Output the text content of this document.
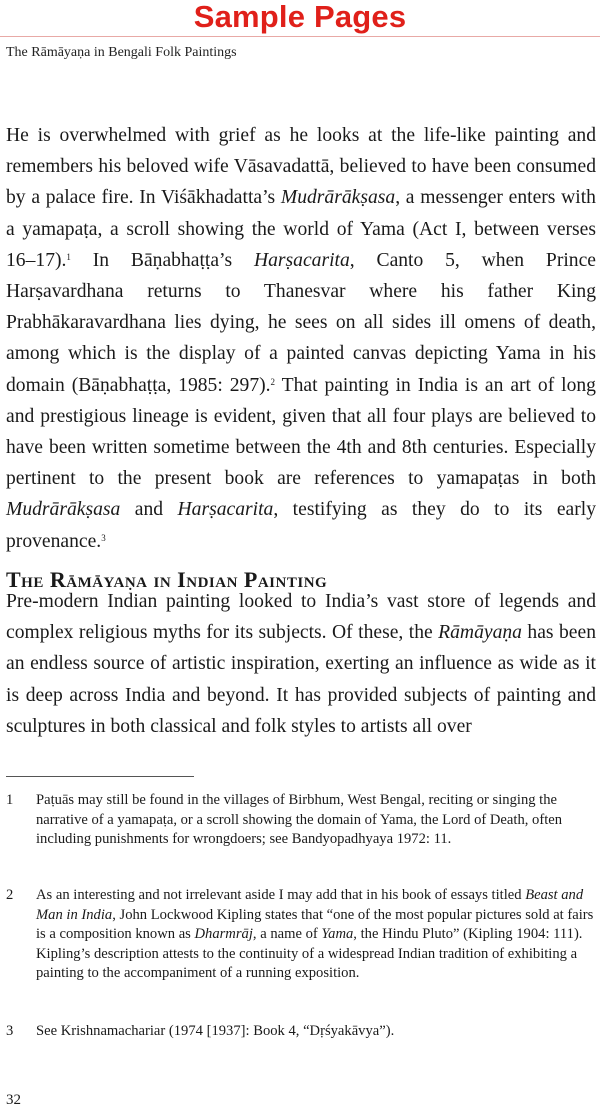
Sample Pages
The Rāmāyaṇa in Bengali Folk Paintings

He is overwhelmed with grief as he looks at the life-like painting and remembers his beloved wife Vāsavadattā, believed to have been consumed by a palace fire. In Viśākhadatta’s Mudrārākṣasa, a messenger enters with a yamapaṭa, a scroll showing the world of Yama (Act I, between verses 16–17).$^1$ In Bāṇabhaṭṭa’s Harṣacarita, Canto 5, when Prince Harṣavardhana returns to Thanesvar where his father King Prabhākaravardhana lies dying, he sees on all sides ill omens of death, among which is the display of a painted canvas depicting Yama in his domain (Bāṇabhaṭṭa, 1985: 297).$^2$ That painting in India is an art of long and prestigious lineage is evident, given that all four plays are believed to have been written sometime between the 4th and 8th centuries. Especially pertinent to the present book are references to yamapaṭas in both Mudrārākṣasa and Harṣacarita, testifying as they do to its early provenance.$^3$

The Rāmāyaṇa in Indian Painting

Pre-modern Indian painting looked to India’s vast store of legends and complex religious myths for its subjects. Of these, the Rāmāyaṇa has been an endless source of artistic inspiration, exerting an influence as wide as it is deep across India and beyond. It has provided subjects of painting and sculptures in both classical and folk styles to artists all over

1 Paṭuās may still be found in the villages of Birbhum, West Bengal, reciting or singing the narrative of a yamapaṭa, or a scroll showing the domain of Yama, the Lord of Death, often including punishments for wrongdoers; see Bandyopadhyaya 1972: 11.
2 As an interesting and not irrelevant aside I may add that in his book of essays titled Beast and Man in India, John Lockwood Kipling states that “one of the most popular pictures sold at fairs is a composition known as Dharmrāj, a name of Yama, the Hindu Pluto” (Kipling 1904: 111). Kipling’s description attests to the continuity of a widespread Indian tradition of exhibiting a painting to the accompaniment of a running exposition.
3 See Krishnamachariar (1974 [1937]: Book 4, “Dṛśyakāvya”).
32
